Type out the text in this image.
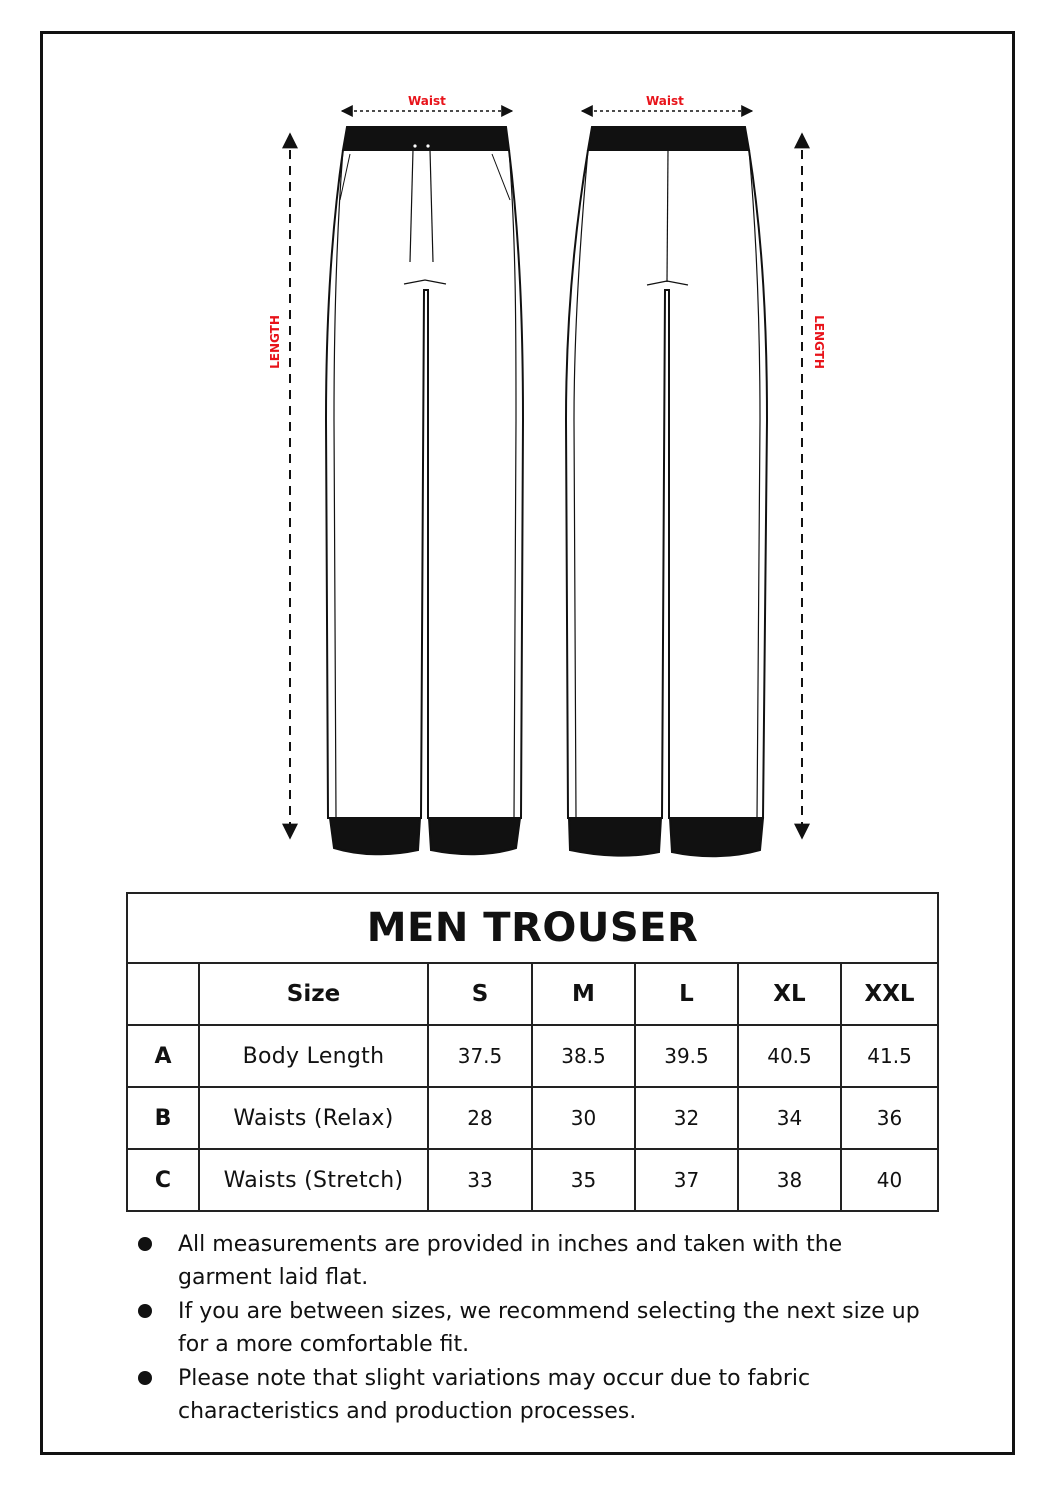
Waist	Waist
LENGTH	LENGTH
MEN TROUSER						
	Size	S	M	L	XL	XXL
A	Body Length	37.5	38.5	39.5	40.5	41.5
B	Waists (Relax)	28	30	32	34	36
C	Waists (Stretch)	33	35	37	38	40
All measurements are provided in inches and taken with the garment laid flat.
If you are between sizes, we recommend selecting the next size up for a more comfortable fit.
Please note that slight variations may occur due to fabric characteristics and production processes.
